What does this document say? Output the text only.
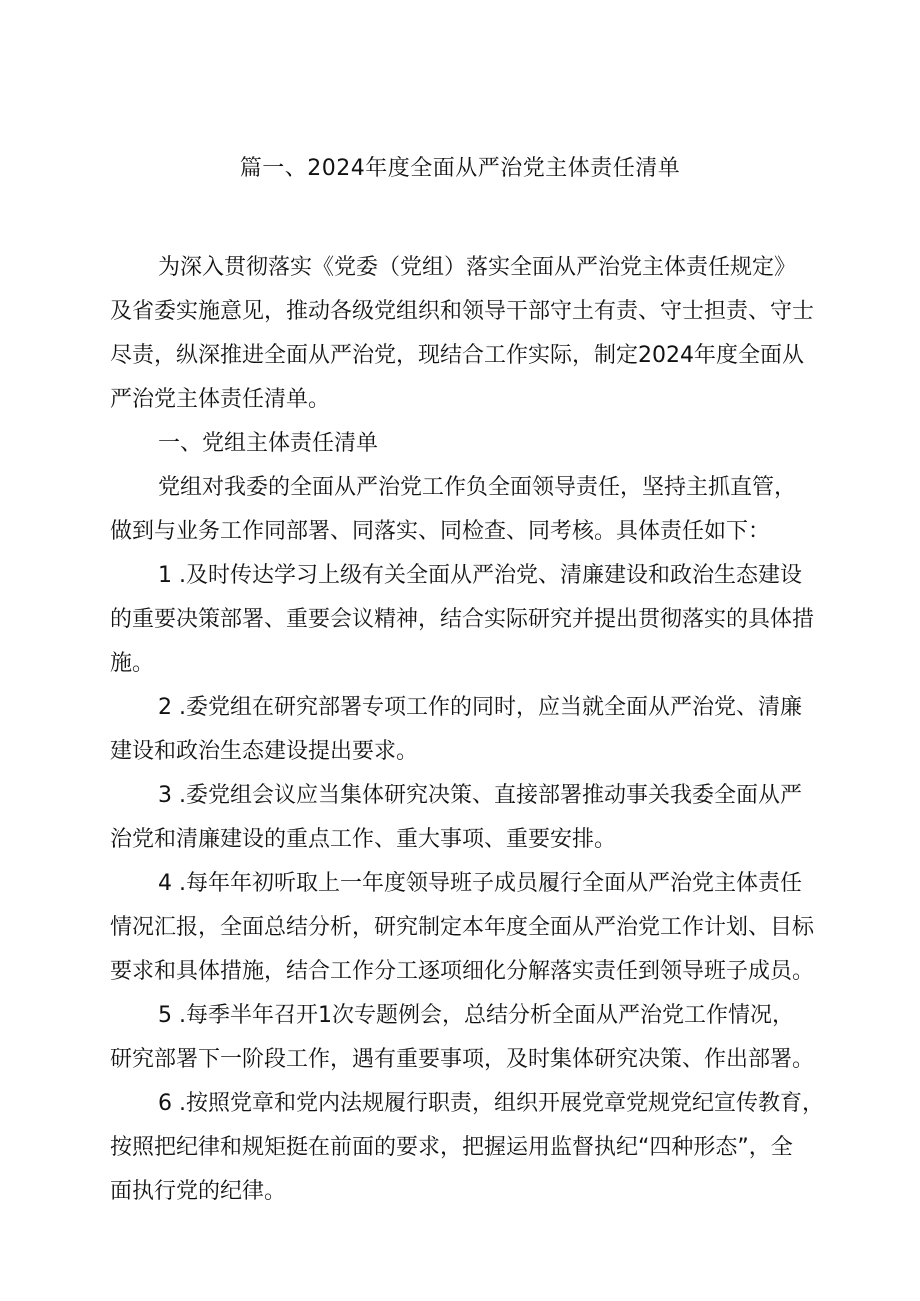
篇一、2024年度全面从严治党主体责任清单
为深入贯彻落实《党委（党组）落实全面从严治党主体责任规定》
及省委实施意见，推动各级党组织和领导干部守土有责、守士担责、守士
尽责，纵深推进全面从严治党，现结合工作实际，制定2024年度全面从
严治党主体责任清单。
一、党组主体责任清单
党组对我委的全面从严治党工作负全面领导责任，坚持主抓直管，
做到与业务工作同部署、同落实、同检查、同考核。具体责任如下：
1 .及时传达学习上级有关全面从严治党、清廉建设和政治生态建设
的重要决策部署、重要会议精神，结合实际研究并提出贯彻落实的具体措
施。
2 .委党组在研究部署专项工作的同时，应当就全面从严治党、清廉
建设和政治生态建设提出要求。
3 .委党组会议应当集体研究决策、直接部署推动事关我委全面从严
治党和清廉建设的重点工作、重大事项、重要安排。
4 .每年年初听取上一年度领导班子成员履行全面从严治党主体责任
情况汇报，全面总结分析，研究制定本年度全面从严治党工作计划、目标
要求和具体措施，结合工作分工逐项细化分解落实责任到领导班子成员。
5 .每季半年召开1次专题例会，总结分析全面从严治党工作情况，
研究部署下一阶段工作，遇有重要事项，及时集体研究决策、作出部署。
6 .按照党章和党内法规履行职责，组织开展党章党规党纪宣传教育，
按照把纪律和规矩挺在前面的要求，把握运用监督执纪“四种形态”，全
面执行党的纪律。
